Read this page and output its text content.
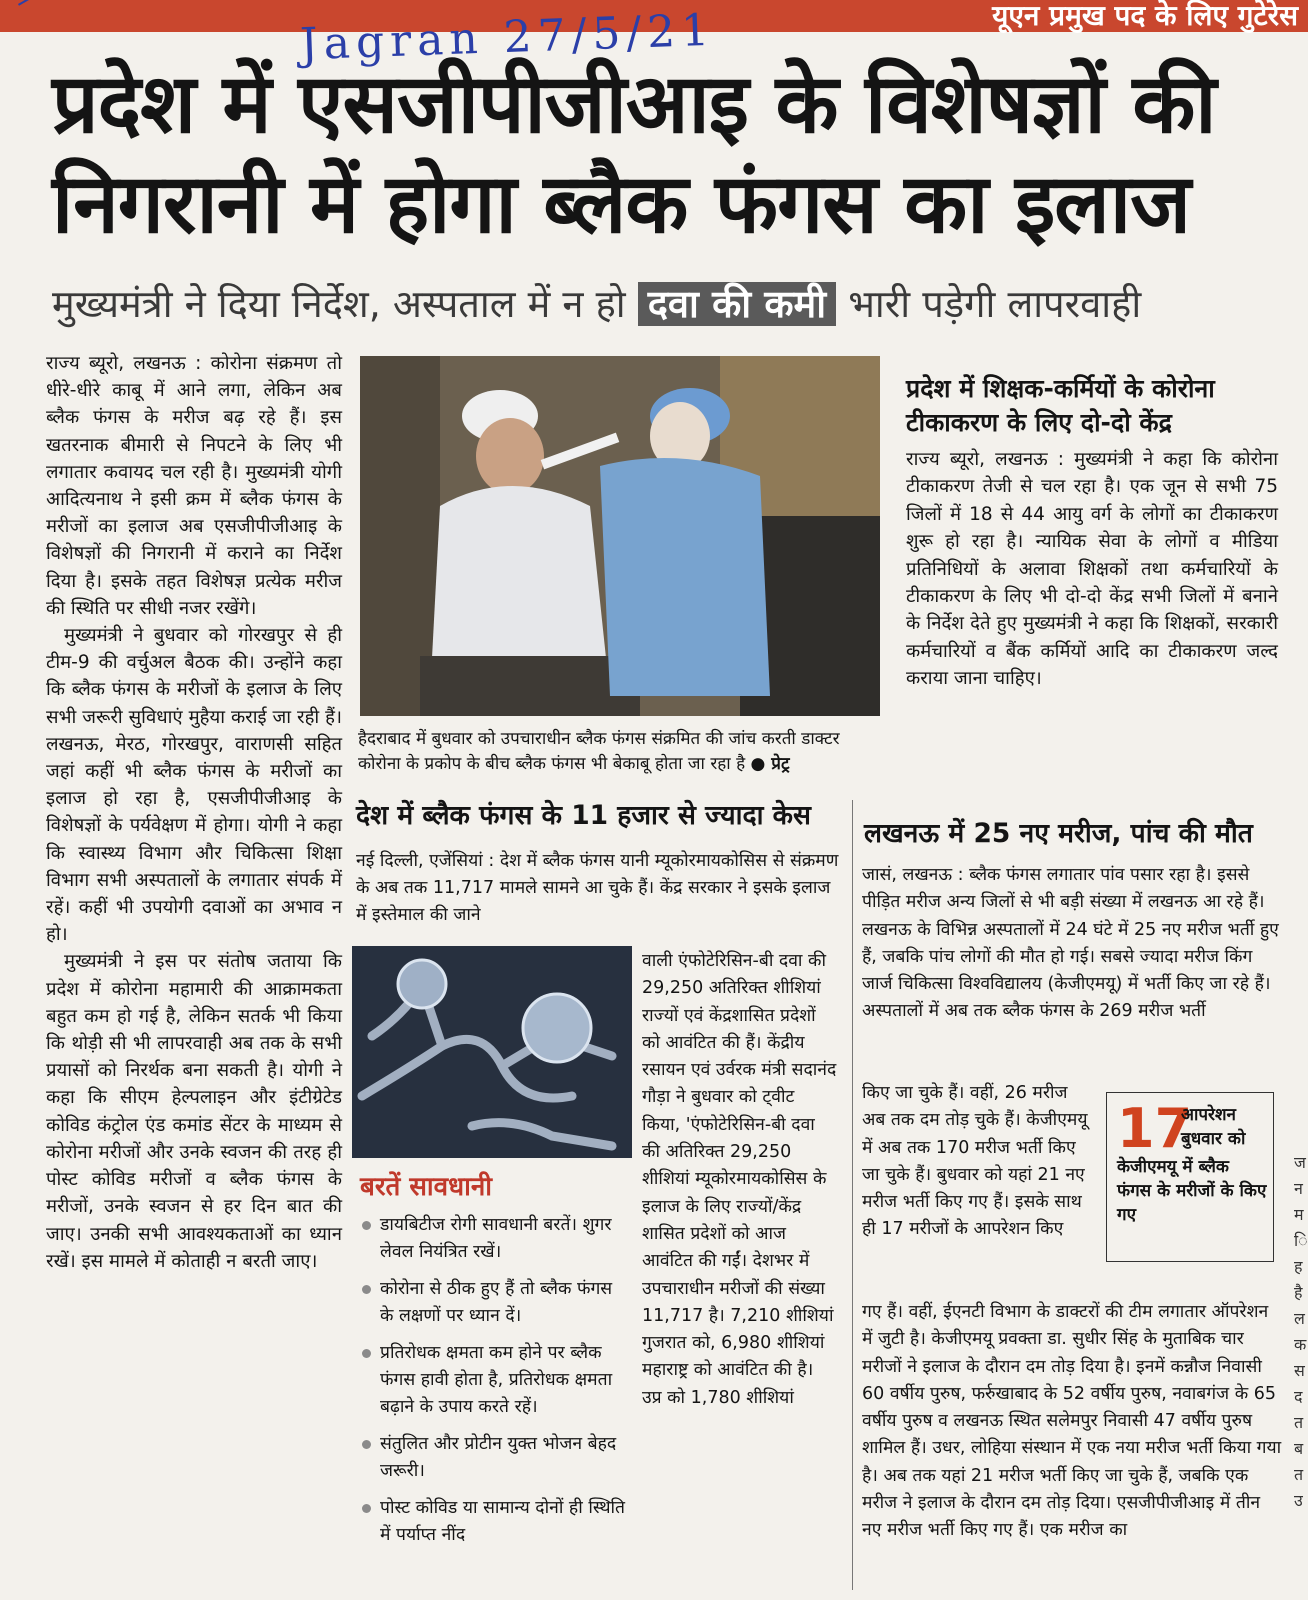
यूएन प्रमुख पद के लिए गुटेरेस
Jagran 27/5/21
प्रदेश में एसजीपीजीआइ के विशेषज्ञों की निगरानी में होगा ब्लैक फंगस का इलाज
मुख्यमंत्री ने दिया निर्देश, अस्पताल में न हो दवा की कमी भारी पड़ेगी लापरवाही

राज्य ब्यूरो, लखनऊ : कोरोना संक्रमण तो धीरे-धीरे काबू में आने लगा, लेकिन अब ब्लैक फंगस के मरीज बढ़ रहे हैं। इस खतरनाक बीमारी से निपटने के लिए भी लगातार कवायद चल रही है। मुख्यमंत्री योगी आदित्यनाथ ने इसी क्रम में ब्लैक फंगस के मरीजों का इलाज अब एसजीपीजीआइ के विशेषज्ञों की निगरानी में कराने का निर्देश दिया है। इसके तहत विशेषज्ञ प्रत्येक मरीज की स्थिति पर सीधी नजर रखेंगे।

मुख्यमंत्री ने बुधवार को गोरखपुर से ही टीम-9 की वर्चुअल बैठक की। उन्होंने कहा कि ब्लैक फंगस के मरीजों के इलाज के लिए सभी जरूरी सुविधाएं मुहैया कराई जा रही हैं। लखनऊ, मेरठ, गोरखपुर, वाराणसी सहित जहां कहीं भी ब्लैक फंगस के मरीजों का इलाज हो रहा है, एसजीपीजीआइ के विशेषज्ञों के पर्यवेक्षण में होगा। योगी ने कहा कि स्वास्थ्य विभाग और चिकित्सा शिक्षा विभाग सभी अस्पतालों के लगातार संपर्क में रहें। कहीं भी उपयोगी दवाओं का अभाव न हो।

मुख्यमंत्री ने इस पर संतोष जताया कि प्रदेश में कोरोना महामारी की आक्रामकता बहुत कम हो गई है, लेकिन सतर्क भी किया कि थोड़ी सी भी लापरवाही अब तक के सभी प्रयासों को निरर्थक बना सकती है। योगी ने कहा कि सीएम हेल्पलाइन और इंटीग्रेटेड कोविड कंट्रोल एंड कमांड सेंटर के माध्यम से कोरोना मरीजों और उनके स्वजन की तरह ही पोस्ट कोविड मरीजों व ब्लैक फंगस के मरीजों, उनके स्वजन से हर दिन बात की जाए। उनकी सभी आवश्यकताओं का ध्यान रखें। इस मामले में कोताही न बरती जाए।

हैदराबाद में बुधवार को उपचाराधीन ब्लैक फंगस संक्रमित की जांच करती डाक्टर कोरोना के प्रकोप के बीच ब्लैक फंगस भी बेकाबू होता जा रहा है ● प्रेट्र
प्रदेश में शिक्षक-कर्मियों के कोरोना टीकाकरण के लिए दो-दो केंद्र

राज्य ब्यूरो, लखनऊ : मुख्यमंत्री ने कहा कि कोरोना टीकाकरण तेजी से चल रहा है। एक जून से सभी 75 जिलों में 18 से 44 आयु वर्ग के लोगों का टीकाकरण शुरू हो रहा है। न्यायिक सेवा के लोगों व मीडिया प्रतिनिधियों के अलावा शिक्षकों तथा कर्मचारियों के टीकाकरण के लिए भी दो-दो केंद्र सभी जिलों में बनाने के निर्देश देते हुए मुख्यमंत्री ने कहा कि शिक्षकों, सरकारी कर्मचारियों व बैंक कर्मियों आदि का टीकाकरण जल्द कराया जाना चाहिए।

देश में ब्लैक फंगस के 11 हजार से ज्यादा केस
नई दिल्ली, एजेंसियां : देश में ब्लैक फंगस यानी म्यूकोरमायकोसिस से संक्रमण के अब तक 11,717 मामले सामने आ चुके हैं। केंद्र सरकार ने इसके इलाज में इस्तेमाल की जाने
वाली एंफोटेरिसिन-बी दवा की 29,250 अतिरिक्त शीशियां राज्यों एवं केंद्रशासित प्रदेशों को आवंटित की हैं। केंद्रीय रसायन एवं उर्वरक मंत्री सदानंद गौड़ा ने बुधवार को ट्वीट किया, 'एंफोटेरिसिन-बी दवा की अतिरिक्त 29,250 शीशियां म्यूकोरमायकोसिस के इलाज के लिए राज्यों/केंद्र शासित प्रदेशों को आज आवंटित की गईं। देशभर में उपचाराधीन मरीजों की संख्या 11,717 है। 7,210 शीशियां गुजरात को, 6,980 शीशियां महाराष्ट्र को आवंटित की है। उप्र को 1,780 शीशियां
बरतें सावधानी
डायबिटीज रोगी सावधानी बरतें। शुगर लेवल नियंत्रित रखें।
कोरोना से ठीक हुए हैं तो ब्लैक फंगस के लक्षणों पर ध्यान दें।
प्रतिरोधक क्षमता कम होने पर ब्लैक फंगस हावी होता है, प्रतिरोधक क्षमता बढ़ाने के उपाय करते रहें।
संतुलित और प्रोटीन युक्त भोजन बेहद जरूरी।
पोस्ट कोविड या सामान्य दोनों ही स्थिति में पर्याप्त नींद
लखनऊ में 25 नए मरीज, पांच की मौत

जासं, लखनऊ : ब्लैक फंगस लगातार पांव पसार रहा है। इससे पीड़ित मरीज अन्य जिलों से भी बड़ी संख्या में लखनऊ आ रहे हैं। लखनऊ के विभिन्न अस्पतालों में 24 घंटे में 25 नए मरीज भर्ती हुए हैं, जबकि पांच लोगों की मौत हो गई। सबसे ज्यादा मरीज किंग जार्ज चिकित्सा विश्वविद्यालय (केजीएमयू) में भर्ती किए जा रहे हैं। अस्पतालों में अब तक ब्लैक फंगस के 269 मरीज भर्ती

किए जा चुके हैं। वहीं, 26 मरीज अब तक दम तोड़ चुके हैं। केजीएमयू में अब तक 170 मरीज भर्ती किए जा चुके हैं। बुधवार को यहां 21 नए मरीज भर्ती किए गए हैं। इसके साथ ही 17 मरीजों के आपरेशन किए

गए हैं। वहीं, ईएनटी विभाग के डाक्टरों की टीम लगातार ऑपरेशन में जुटी है। केजीएमयू प्रवक्ता डा. सुधीर सिंह के मुताबिक चार मरीजों ने इलाज के दौरान दम तोड़ दिया है। इनमें कन्नौज निवासी 60 वर्षीय पुरुष, फर्रुखाबाद के 52 वर्षीय पुरुष, नवाबगंज के 65 वर्षीय पुरुष व लखनऊ स्थित सलेमपुर निवासी 47 वर्षीय पुरुष शामिल हैं। उधर, लोहिया संस्थान में एक नया मरीज भर्ती किया गया है। अब तक यहां 21 मरीज भर्ती किए जा चुके हैं, जबकि एक मरीज ने इलाज के दौरान दम तोड़ दिया। एसजीपीजीआइ में तीन नए मरीज भर्ती किए गए हैं। एक मरीज का

17
आपरेशन बुधवार को
केजीएमयू में ब्लैक फंगस के मरीजों के किए गए
ज न म ि ह है ल क स द त ब त उ
